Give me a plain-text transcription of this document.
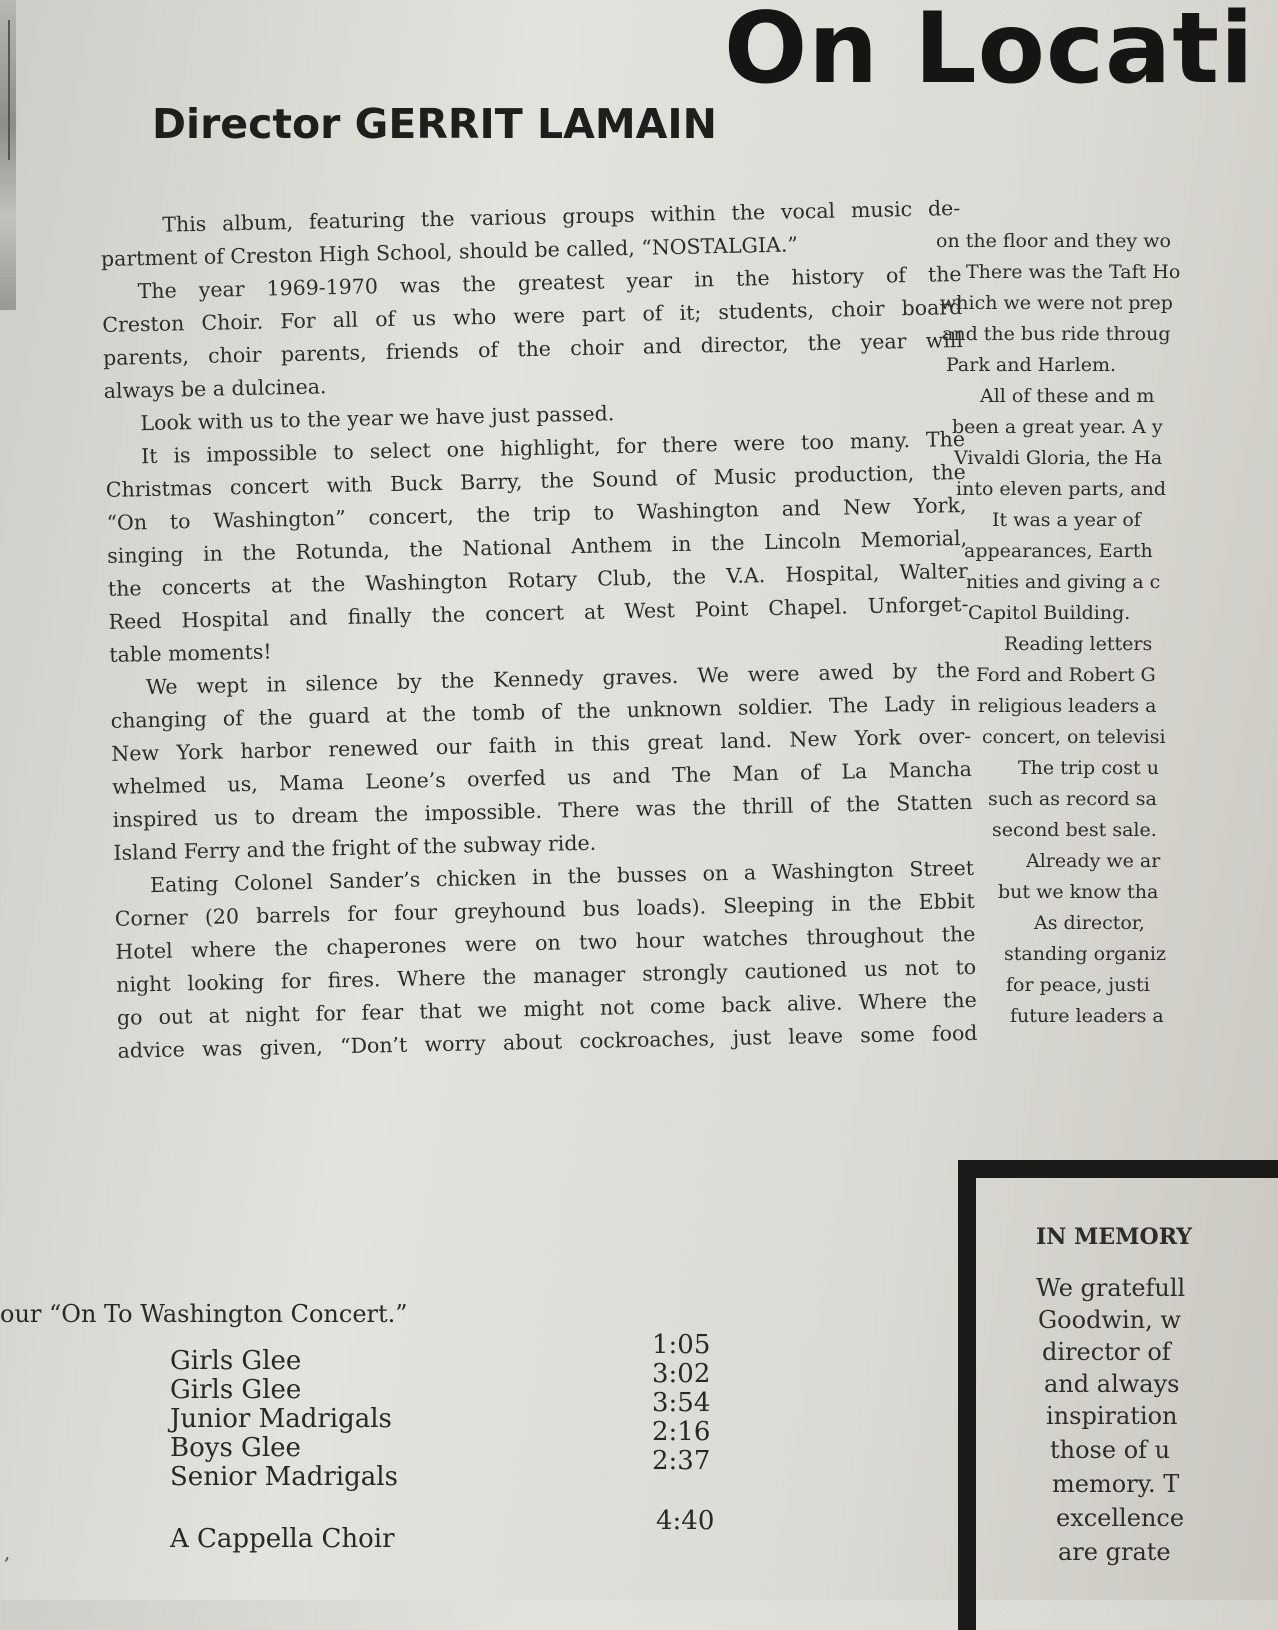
On Locati
Director GERRIT LAMAIN
This album, featuring the various groups within the vocal music de-
partment of Creston High School, should be called, “NOSTALGIA.”
The year 1969-1970 was the greatest year in the history of the
Creston Choir. For all of us who were part of it; students, choir board
parents, choir parents, friends of the choir and director, the year will
always be a dulcinea.
Look with us to the year we have just passed.
It is impossible to select one highlight, for there were too many. The
Christmas concert with Buck Barry, the Sound of Music production, the
“On to Washington” concert, the trip to Washington and New York,
singing in the Rotunda, the National Anthem in the Lincoln Memorial,
the concerts at the Washington Rotary Club, the V.A. Hospital, Walter
Reed Hospital and finally the concert at West Point Chapel. Unforget-
table moments!
We wept in silence by the Kennedy graves. We were awed by the
changing of the guard at the tomb of the unknown soldier. The Lady in
New York harbor renewed our faith in this great land. New York over-
whelmed us, Mama Leone’s overfed us and The Man of La Mancha
inspired us to dream the impossible. There was the thrill of the Statten
Island Ferry and the fright of the subway ride.
Eating Colonel Sander’s chicken in the busses on a Washington Street
Corner (20 barrels for four greyhound bus loads). Sleeping in the Ebbit
Hotel where the chaperones were on two hour watches throughout the
night looking for fires. Where the manager strongly cautioned us not to
go out at night for fear that we might not come back alive. Where the
advice was given, “Don’t worry about cockroaches, just leave some food
on the floor and they wo
There was the Taft Ho
which we were not prep
and the bus ride throug
Park and Harlem.
All of these and m
been a great year. A y
Vivaldi Gloria, the Ha
into eleven parts, and
It was a year of
appearances, Earth
nities and giving a c
Capitol Building.
Reading letters
Ford and Robert G
religious leaders a
concert, on televisi
The trip cost u
such as record sa
second best sale.
Already we ar
but we know tha
As director,
standing organiz
for peace, justi
future leaders a
IN MEMORY
We gratefull
Goodwin, w
director of
and always
inspiration
those of u
memory. T
excellence
are grate
our “On To Washington Concert.”
Girls Glee
Girls Glee
Junior Madrigals
Boys Glee
Senior Madrigals
A Cappella Choir
1:05
3:02
3:54
2:16
2:37
4:40
,
